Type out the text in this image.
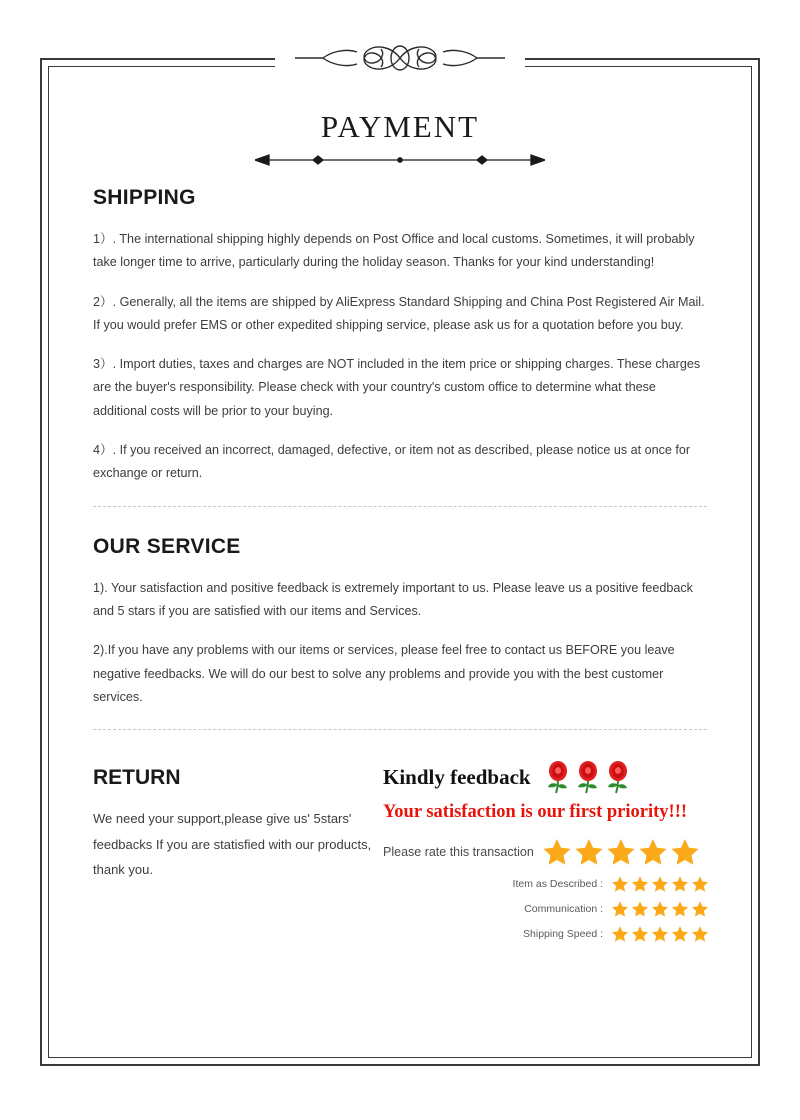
PAYMENT
SHIPPING

1）. The international shipping highly depends on Post Office and local customs. Sometimes, it will probably take longer time to arrive, particularly during the holiday season. Thanks for your kind understanding!

2）. Generally, all the items are shipped by AliExpress Standard Shipping and China Post Registered Air Mail. If you would prefer EMS or other expedited shipping service, please ask us for a quotation before you buy.

3）. Import duties, taxes and charges are NOT included in the item price or shipping charges. These charges are the buyer's responsibility. Please check with your country's custom office to determine what these additional costs will be prior to your buying.

4）. If you received an incorrect, damaged, defective, or item not as described, please notice us at once for exchange or return.

OUR SERVICE

1). Your satisfaction and positive feedback is extremely important to us. Please leave us a positive feedback and 5 stars if you are satisfied with our items and Services.

2).If you have any problems with our items or services, please feel free to contact us BEFORE you leave negative feedbacks. We will do our best to solve any problems and provide you with the best customer services.

RETURN

We need your support,please give us' 5stars' feedbacks If you are statisfied with our products, thank you.

Kindly feedback
Your satisfaction is our first priority!!!
Please rate this transaction
Item as Described :
Communication :
Shipping Speed :
